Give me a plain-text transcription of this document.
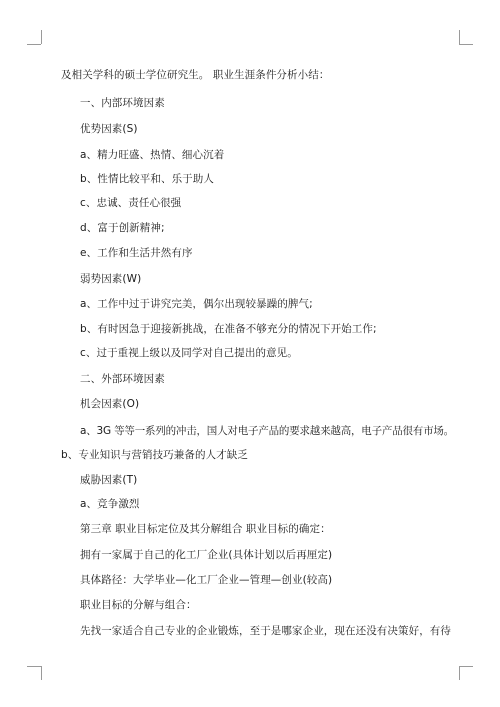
及相关学科的硕士学位研究生。 职业生涯条件分析小结：
一、内部环境因素
优势因素(S)
a、精力旺盛、热情、细心沉着
b、性情比较平和、乐于助人
c、忠诚、责任心很强
d、富于创新精神;
e、工作和生活井然有序
弱势因素(W)
a、工作中过于讲究完美，偶尔出现较暴躁的脾气;
b、有时因急于迎接新挑战，在准备不够充分的情况下开始工作;
c、过于重视上级以及同学对自己提出的意见。
二、外部环境因素
机会因素(O)
a、3G 等等一系列的冲击，国人对电子产品的要求越来越高，电子产品很有市场。
b、专业知识与营销技巧兼备的人才缺乏
威胁因素(T)
a、竞争激烈
第三章 职业目标定位及其分解组合 职业目标的确定：
拥有一家属于自己的化工厂企业(具体计划以后再厘定)
具体路径：大学毕业—化工厂企业—管理—创业(较高)
职业目标的分解与组合：
先找一家适合自己专业的企业锻炼，至于是哪家企业，现在还没有决策好，有待
